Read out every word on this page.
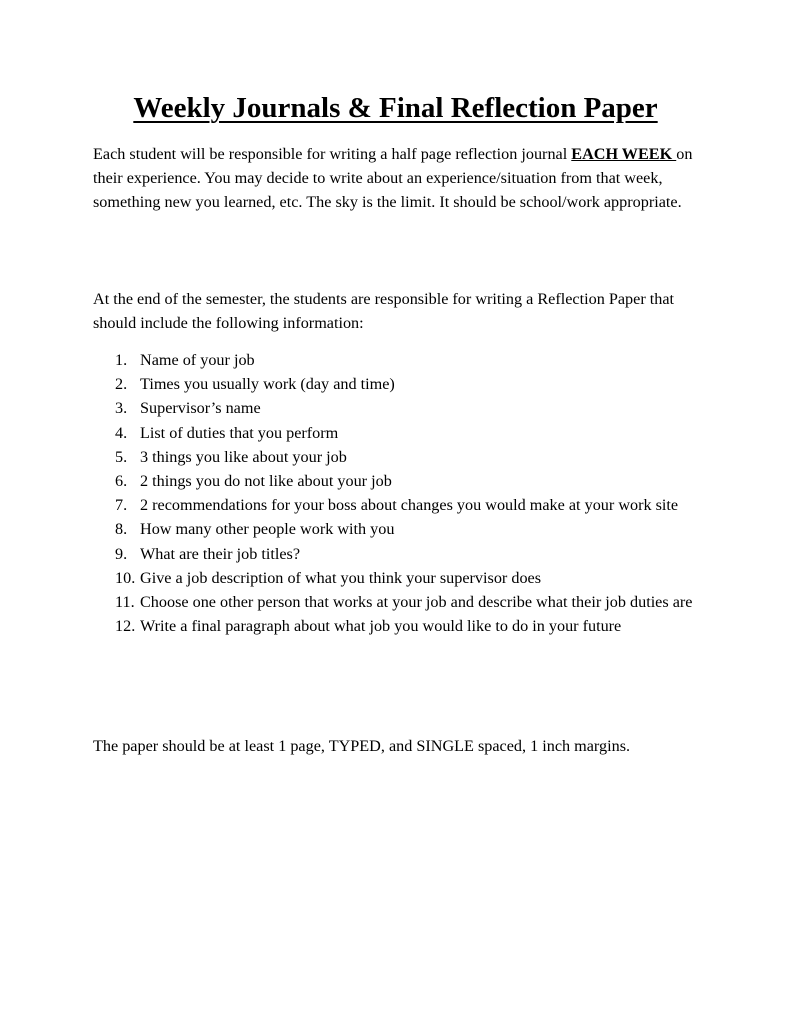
Weekly Journals & Final Reflection Paper

Each student will be responsible for writing a half page reflection journal EACH WEEK on their experience. You may decide to write about an experience/situation from that week, something new you learned, etc. The sky is the limit. It should be school/work appropriate.

At the end of the semester, the students are responsible for writing a Reflection Paper that should include the following information:

1. Name of your job
2. Times you usually work (day and time)
3. Supervisor’s name
4. List of duties that you perform
5. 3 things you like about your job
6. 2 things you do not like about your job
7. 2 recommendations for your boss about changes you would make at your work site
8. How many other people work with you
9. What are their job titles?
10. Give a job description of what you think your supervisor does
11. Choose one other person that works at your job and describe what their job duties are
12. Write a final paragraph about what job you would like to do in your future

The paper should be at least 1 page, TYPED, and SINGLE spaced, 1 inch margins.
